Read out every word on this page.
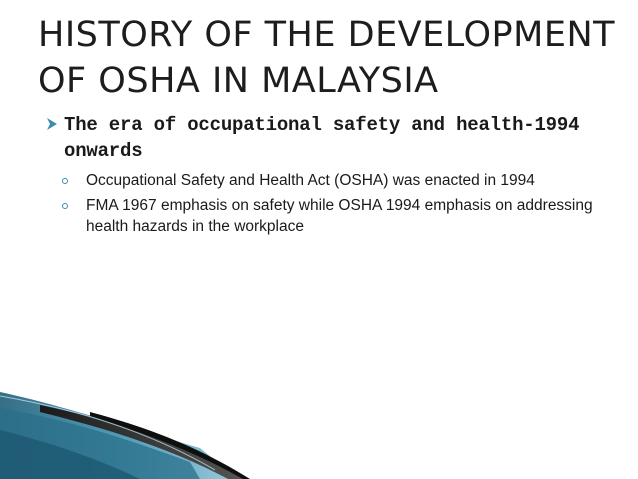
HISTORY OF THE DEVELOPMENT
OF OSHA IN MALAYSIA
The era of occupational safety and health-1994 onwards
Occupational Safety and Health Act (OSHA) was enacted in 1994
FMA 1967 emphasis on safety while OSHA 1994 emphasis on addressing health hazards in the workplace
